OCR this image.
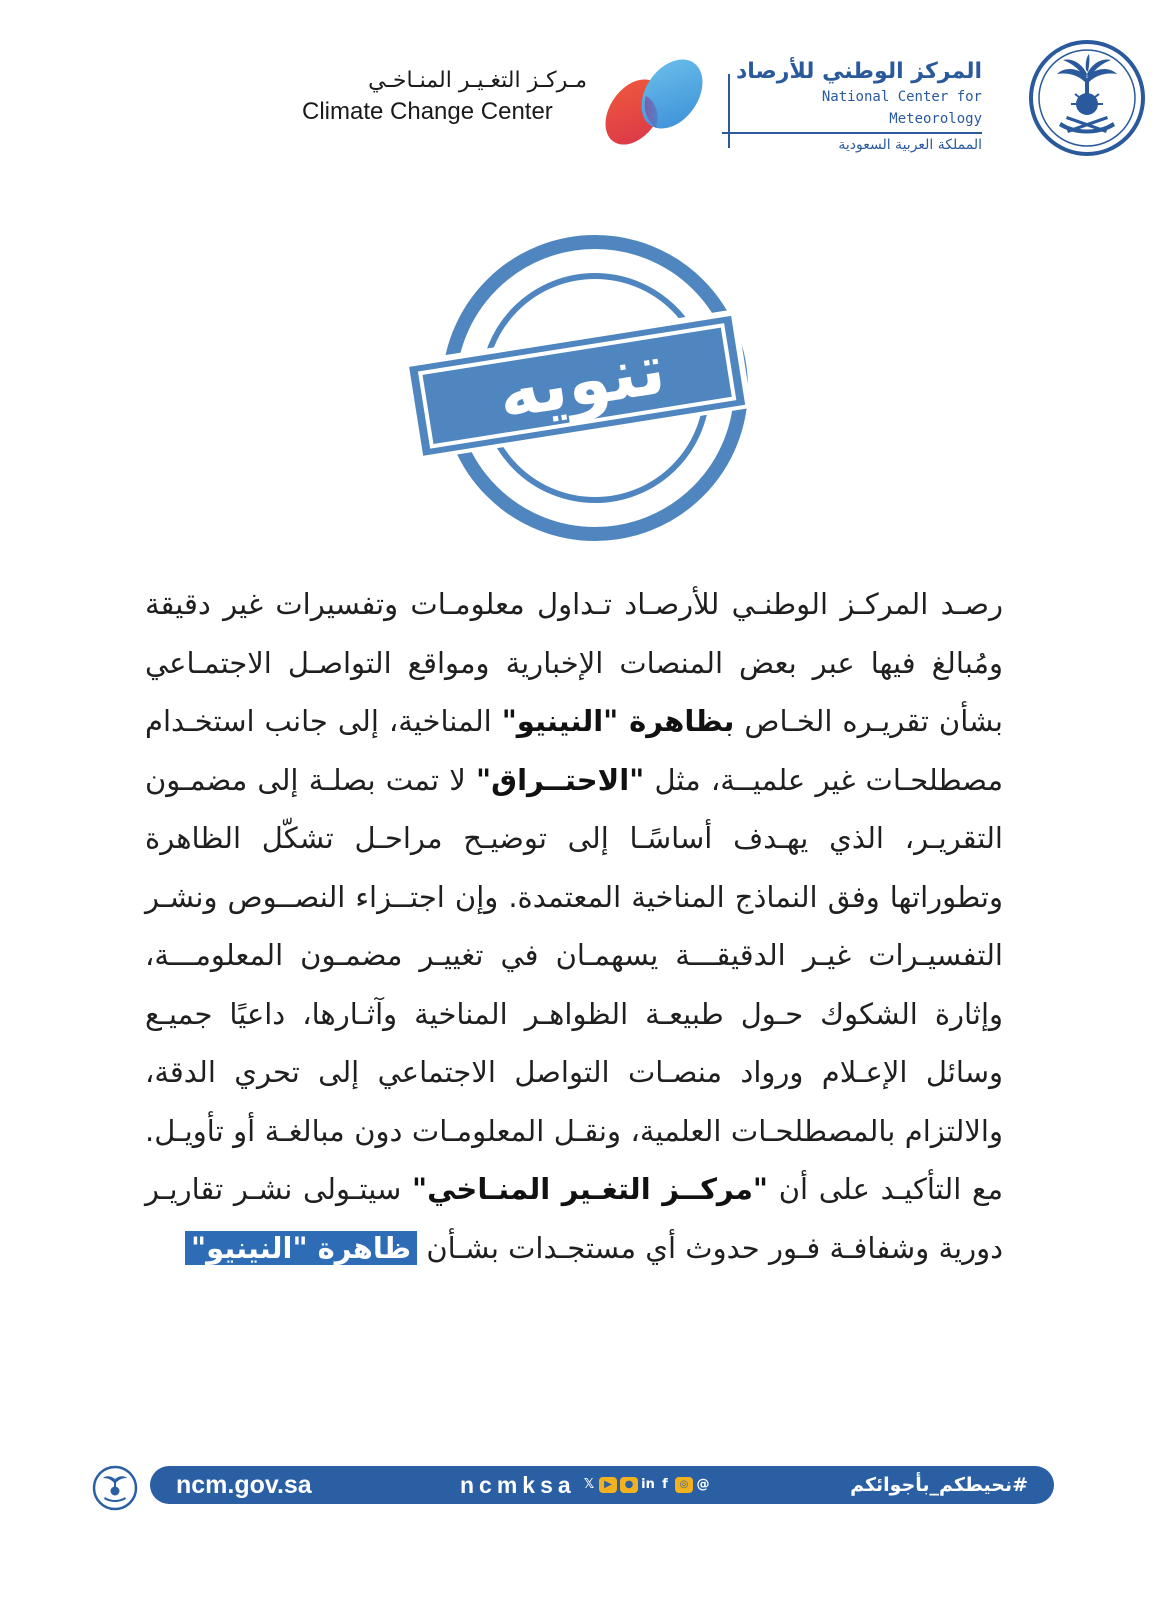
المركز الوطني للأرصاد
National Center for Meteorology
المملكة العربية السعودية
مـركـز التغـيـر المنـاخـي
Climate Change Center
تنويه
رصـد المركـز الوطنـي للأرصـاد تـداول معلومـات وتفسيرات غير دقيقة ومُبالغ فيها عبر بعض المنصات الإخبارية ومواقع التواصـل الاجتمـاعي بشأن تقريـره الخـاص بظاهرة "النينيو" المناخية، إلى جانب استخـدام مصطلحـات غير علميــة، مثل "الاحتــراق" لا تمت بصلـة إلى مضمـون التقريـر، الذي يهـدف أساسًـا إلى توضيـح مراحـل تشكّل الظاهرة وتطوراتها وفق النماذج المناخية المعتمدة. وإن اجتــزاء النصــوص ونشـر التفسيـرات غيـر الدقيقـــة يسهمـان في تغييـر مضمـون المعلومـــة، وإثارة الشكوك حـول طبيعـة الظواهـر المناخية وآثـارها، داعيًا جميـع وسائل الإعـلام ورواد منصـات التواصل الاجتماعي إلى تحري الدقة، والالتزام بالمصطلحـات العلمية، ونقـل المعلومـات دون مبالغـة أو تأويـل. مع التأكيـد على أن "مركــز التغـير المنـاخي" سيتـولى نشـر تقاريـر دورية وشفافـة فـور حدوث أي مستجـدات بشـأن ظاهرة "النينيو"
ncm.gov.sa	ncmksa 𝕏 ▶	● in f	◎ @	#نحيطكم_بأجوائكم
